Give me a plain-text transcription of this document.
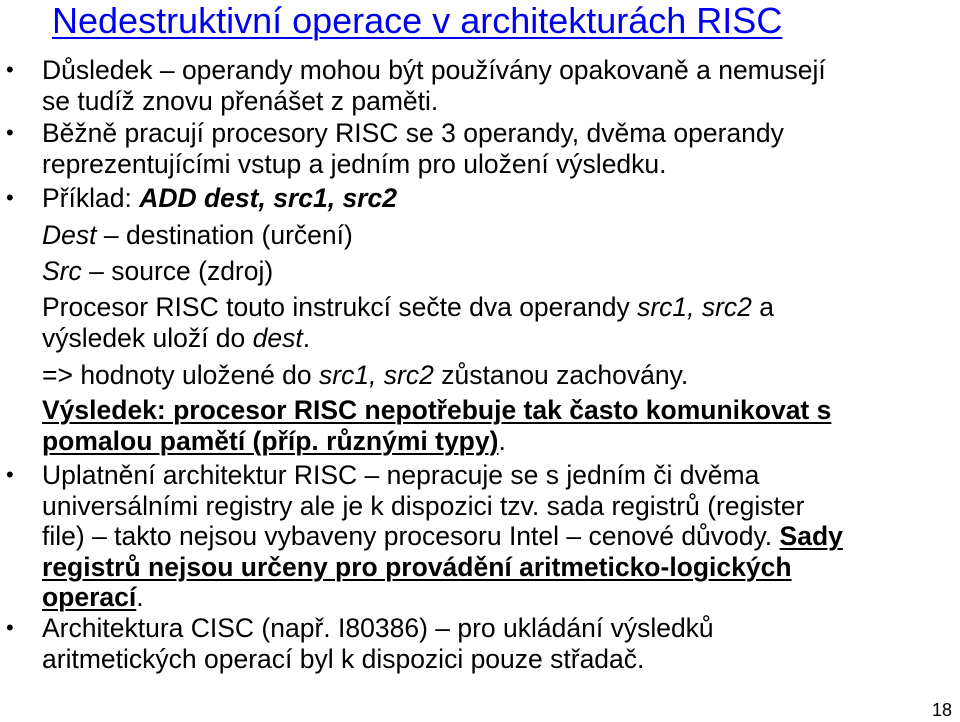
Nedestruktivní operace v architekturách RISC
• Důsledek – operandy mohou být používány opakovaně a nemusejí
se tudíž znovu přenášet z paměti.
• Běžně pracují procesory RISC se 3 operandy, dvěma operandy
reprezentujícími vstup a jedním pro uložení výsledku.
• Příklad: ADD dest, src1, src2
Dest – destination (určení)
Src – source (zdroj)
Procesor RISC touto instrukcí sečte dva operandy src1, src2 a
výsledek uloží do dest.
=> hodnoty uložené do src1, src2 zůstanou zachovány.
Výsledek: procesor RISC nepotřebuje tak často komunikovat s
pomalou pamětí (příp. různými typy).
• Uplatnění architektur RISC – nepracuje se s jedním či dvěma
universálními registry ale je k dispozici tzv. sada registrů (register
file) – takto nejsou vybaveny procesoru Intel – cenové důvody. Sady
registrů nejsou určeny pro provádění aritmeticko-logických
operací.
• Architektura CISC (např. I80386) – pro ukládání výsledků
aritmetických operací byl k dispozici pouze střadač.
18
